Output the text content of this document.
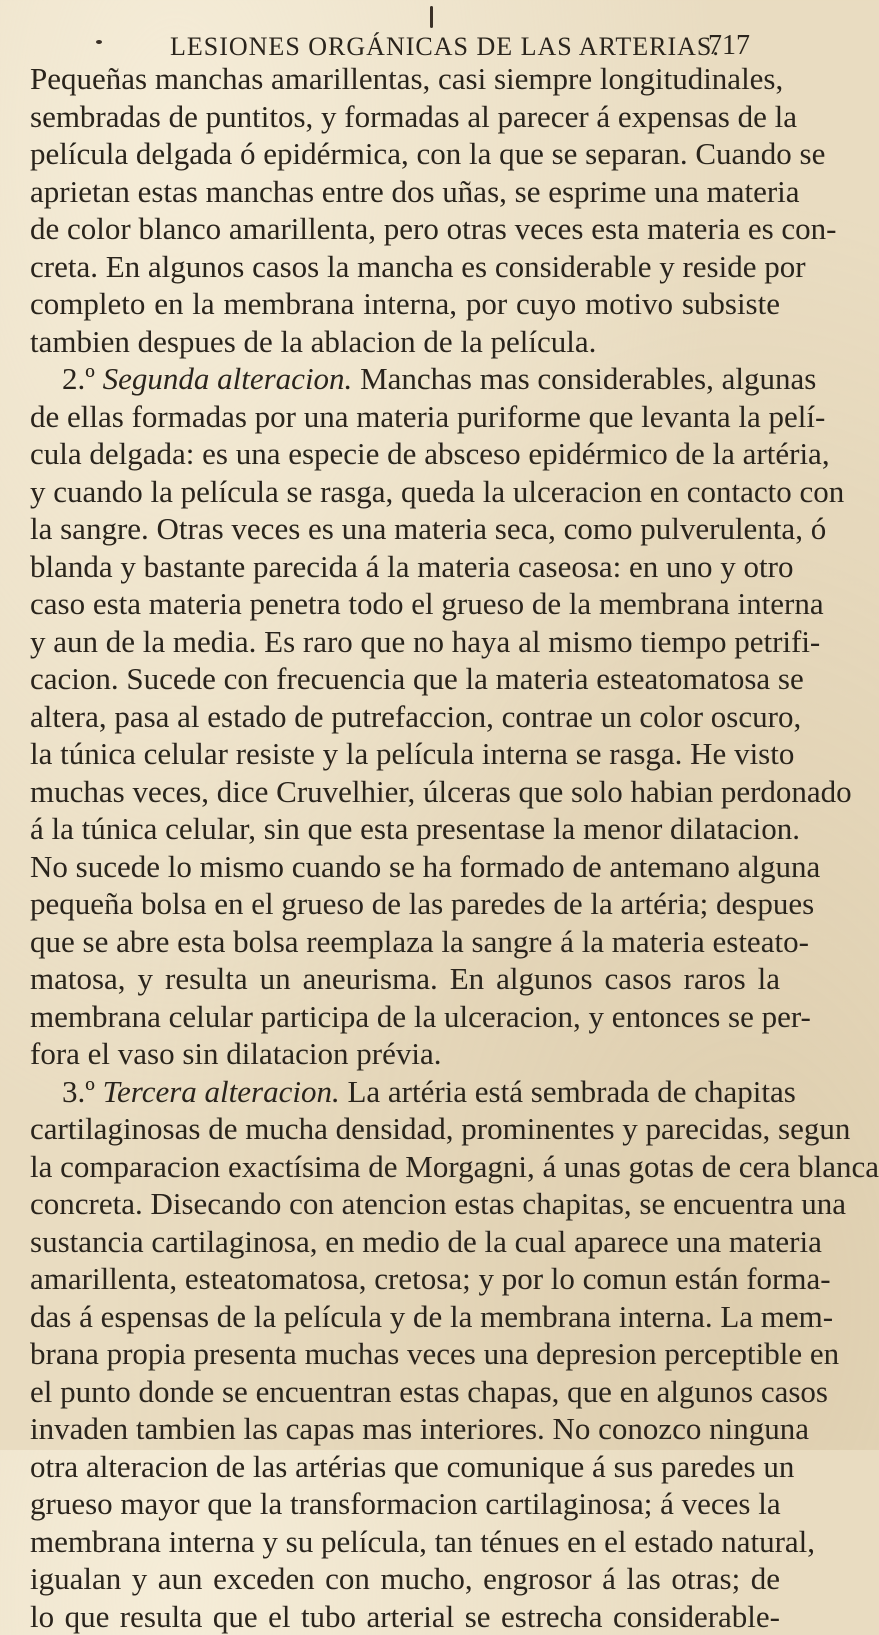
LESIONES ORGÁNICAS DE LAS ARTERIAS.
717
Pequeñas manchas amarillentas, casi siempre longitudinales,
sembradas de puntitos, y formadas al parecer á expensas de la
película delgada ó epidérmica, con la que se separan. Cuando se
aprietan estas manchas entre dos uñas, se esprime una materia
de color blanco amarillenta, pero otras veces esta materia es con-
creta. En algunos casos la mancha es considerable y reside por
completo en la membrana interna, por cuyo motivo subsiste
tambien despues de la ablacion de la película.
2.º Segunda alteracion. Manchas mas considerables, algunas
de ellas formadas por una materia puriforme que levanta la pelí-
cula delgada: es una especie de absceso epidérmico de la artéria,
y cuando la película se rasga, queda la ulceracion en contacto con
la sangre. Otras veces es una materia seca, como pulverulenta, ó
blanda y bastante parecida á la materia caseosa: en uno y otro
caso esta materia penetra todo el grueso de la membrana interna
y aun de la media. Es raro que no haya al mismo tiempo petrifi-
cacion. Sucede con frecuencia que la materia esteatomatosa se
altera, pasa al estado de putrefaccion, contrae un color oscuro,
la túnica celular resiste y la película interna se rasga. He visto
muchas veces, dice Cruvelhier, úlceras que solo habian perdonado
á la túnica celular, sin que esta presentase la menor dilatacion.
No sucede lo mismo cuando se ha formado de antemano alguna
pequeña bolsa en el grueso de las paredes de la artéria; despues
que se abre esta bolsa reemplaza la sangre á la materia esteato-
matosa, y resulta un aneurisma. En algunos casos raros la
membrana celular participa de la ulceracion, y entonces se per-
fora el vaso sin dilatacion prévia.
3.º Tercera alteracion. La artéria está sembrada de chapitas
cartilaginosas de mucha densidad, prominentes y parecidas, segun
la comparacion exactísima de Morgagni, á unas gotas de cera blanca
concreta. Disecando con atencion estas chapitas, se encuentra una
sustancia cartilaginosa, en medio de la cual aparece una materia
amarillenta, esteatomatosa, cretosa; y por lo comun están forma-
das á espensas de la película y de la membrana interna. La mem-
brana propia presenta muchas veces una depresion perceptible en
el punto donde se encuentran estas chapas, que en algunos casos
invaden tambien las capas mas interiores. No conozco ninguna
otra alteracion de las artérias que comunique á sus paredes un
grueso mayor que la transformacion cartilaginosa; á veces la
membrana interna y su película, tan ténues en el estado natural,
igualan y aun exceden con mucho, engrosor á las otras; de
lo que resulta que el tubo arterial se estrecha considerable-
